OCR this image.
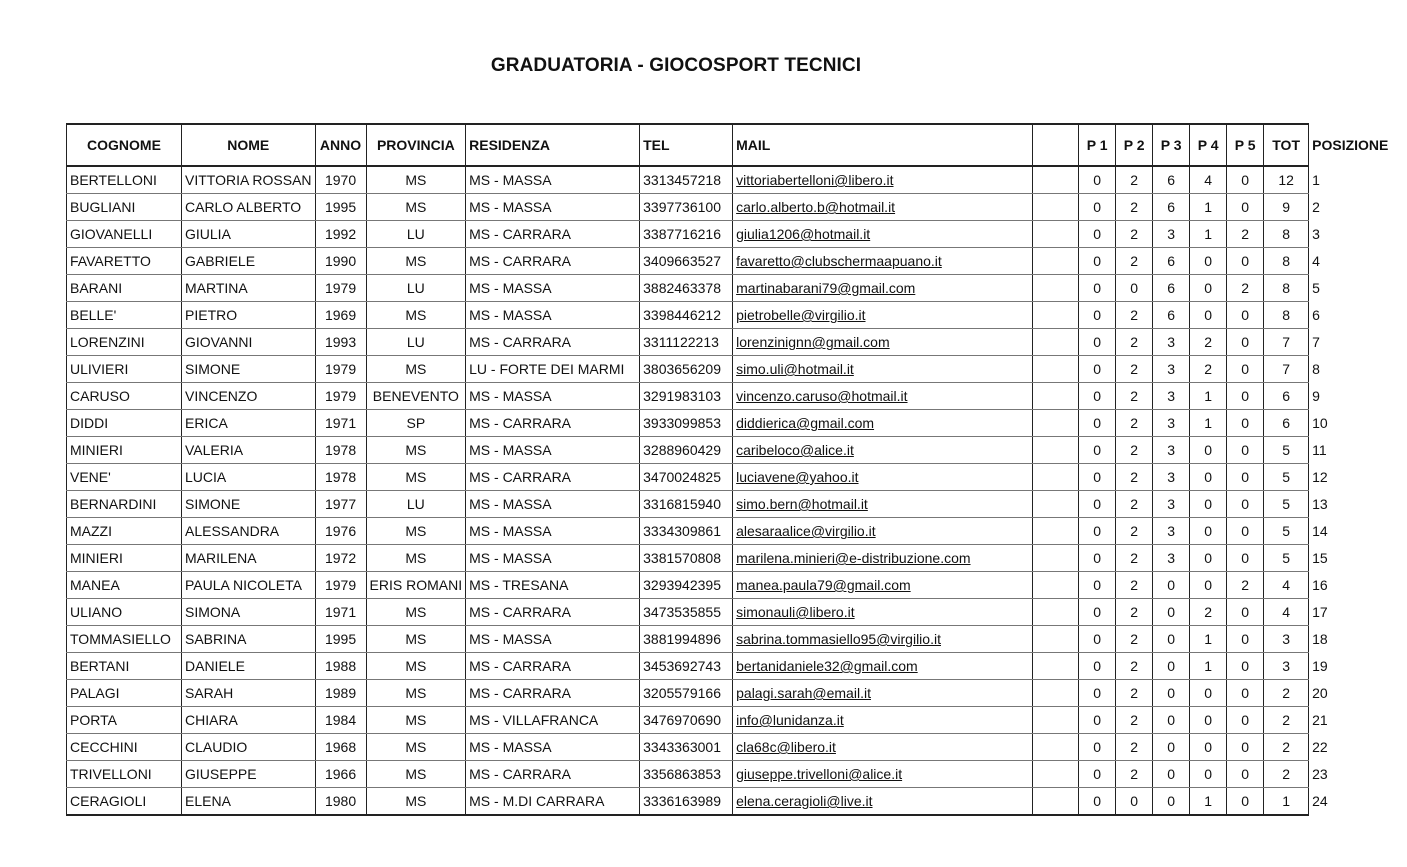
GRADUATORIA - GIOCOSPORT TECNICI
COGNOME	NOME	ANNO	PROVINCIA	RESIDENZA	TEL	MAIL		P 1	P 2	P 3	P 4	P 5	TOT	POSIZIONE
BERTELLONI	VITTORIA ROSSAN	1970	MS	MS - MASSA	3313457218	vittoriabertelloni@libero.it		0	2	6	4	0	12	1
BUGLIANI	CARLO ALBERTO	1995	MS	MS - MASSA	3397736100	carlo.alberto.b@hotmail.it		0	2	6	1	0	9	2
GIOVANELLI	GIULIA	1992	LU	MS - CARRARA	3387716216	giulia1206@hotmail.it		0	2	3	1	2	8	3
FAVARETTO	GABRIELE	1990	MS	MS - CARRARA	3409663527	favaretto@clubschermaapuano.it		0	2	6	0	0	8	4
BARANI	MARTINA	1979	LU	MS - MASSA	3882463378	martinabarani79@gmail.com		0	0	6	0	2	8	5
BELLE'	PIETRO	1969	MS	MS - MASSA	3398446212	pietrobelle@virgilio.it		0	2	6	0	0	8	6
LORENZINI	GIOVANNI	1993	LU	MS - CARRARA	3311122213	lorenzinignn@gmail.com		0	2	3	2	0	7	7
ULIVIERI	SIMONE	1979	MS	LU - FORTE DEI MARMI	3803656209	simo.uli@hotmail.it		0	2	3	2	0	7	8
CARUSO	VINCENZO	1979	BENEVENTO	MS - MASSA	3291983103	vincenzo.caruso@hotmail.it		0	2	3	1	0	6	9
DIDDI	ERICA	1971	SP	MS - CARRARA	3933099853	diddierica@gmail.com		0	2	3	1	0	6	10
MINIERI	VALERIA	1978	MS	MS - MASSA	3288960429	caribeloco@alice.it		0	2	3	0	0	5	11
VENE'	LUCIA	1978	MS	MS - CARRARA	3470024825	luciavene@yahoo.it		0	2	3	0	0	5	12
BERNARDINI	SIMONE	1977	LU	MS - MASSA	3316815940	simo.bern@hotmail.it		0	2	3	0	0	5	13
MAZZI	ALESSANDRA	1976	MS	MS - MASSA	3334309861	alesaraalice@virgilio.it		0	2	3	0	0	5	14
MINIERI	MARILENA	1972	MS	MS - MASSA	3381570808	marilena.minieri@e-distribuzione.com		0	2	3	0	0	5	15
MANEA	PAULA NICOLETA	1979	ERIS ROMANI	MS - TRESANA	3293942395	manea.paula79@gmail.com		0	2	0	0	2	4	16
ULIANO	SIMONA	1971	MS	MS - CARRARA	3473535855	simonauli@libero.it		0	2	0	2	0	4	17
TOMMASIELLO	SABRINA	1995	MS	MS - MASSA	3881994896	sabrina.tommasiello95@virgilio.it		0	2	0	1	0	3	18
BERTANI	DANIELE	1988	MS	MS - CARRARA	3453692743	bertanidaniele32@gmail.com		0	2	0	1	0	3	19
PALAGI	SARAH	1989	MS	MS - CARRARA	3205579166	palagi.sarah@email.it		0	2	0	0	0	2	20
PORTA	CHIARA	1984	MS	MS - VILLAFRANCA	3476970690	info@lunidanza.it		0	2	0	0	0	2	21
CECCHINI	CLAUDIO	1968	MS	MS - MASSA	3343363001	cla68c@libero.it		0	2	0	0	0	2	22
TRIVELLONI	GIUSEPPE	1966	MS	MS - CARRARA	3356863853	giuseppe.trivelloni@alice.it		0	2	0	0	0	2	23
CERAGIOLI	ELENA	1980	MS	MS - M.DI CARRARA	3336163989	elena.ceragioli@live.it		0	0	0	1	0	1	24
